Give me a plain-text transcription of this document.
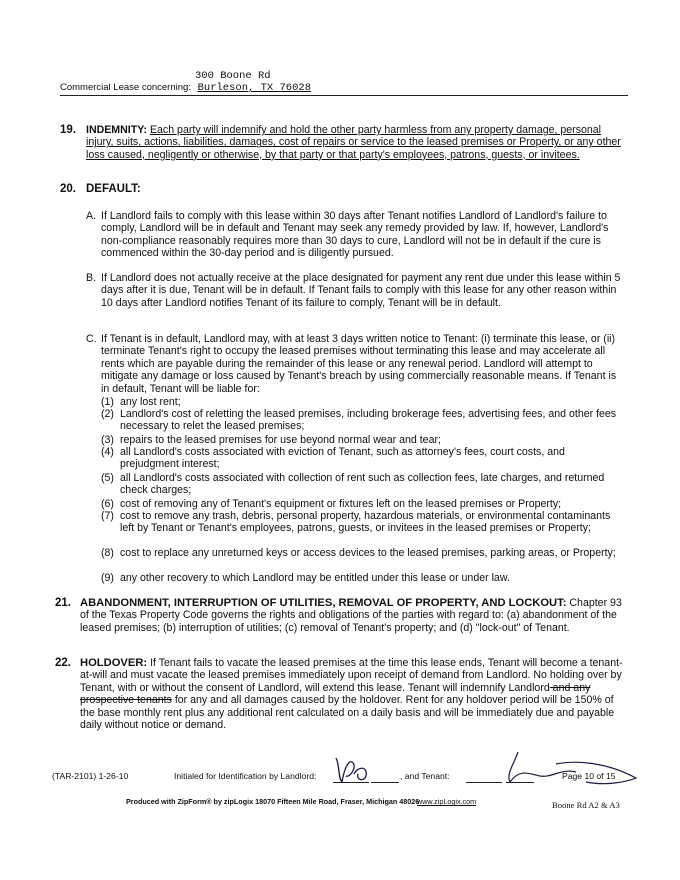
300 Boone Rd
Commercial Lease concerning: Burleson, TX 76028
19. INDEMNITY: Each party will indemnify and hold the other party harmless from any property damage, personal injury, suits, actions, liabilities, damages, cost of repairs or service to the leased premises or Property, or any other loss caused, negligently or otherwise, by that party or that party's employees, patrons, guests, or invitees.
20. DEFAULT:
A. If Landlord fails to comply with this lease within 30 days after Tenant notifies Landlord of Landlord's failure to comply, Landlord will be in default and Tenant may seek any remedy provided by law. If, however, Landlord's non-compliance reasonably requires more than 30 days to cure, Landlord will not be in default if the cure is commenced within the 30-day period and is diligently pursued.
B. If Landlord does not actually receive at the place designated for payment any rent due under this lease within 5 days after it is due, Tenant will be in default. If Tenant fails to comply with this lease for any other reason within 10 days after Landlord notifies Tenant of its failure to comply, Tenant will be in default.
C. If Tenant is in default, Landlord may, with at least 3 days written notice to Tenant: (i) terminate this lease, or (ii) terminate Tenant's right to occupy the leased premises without terminating this lease and may accelerate all rents which are payable during the remainder of this lease or any renewal period. Landlord will attempt to mitigate any damage or loss caused by Tenant's breach by using commercially reasonable means. If Tenant is in default, Tenant will be liable for:
(1) any lost rent;
(2) Landlord's cost of reletting the leased premises, including brokerage fees, advertising fees, and other fees necessary to relet the leased premises;
(3) repairs to the leased premises for use beyond normal wear and tear;
(4) all Landlord's costs associated with eviction of Tenant, such as attorney's fees, court costs, and prejudgment interest;
(5) all Landlord's costs associated with collection of rent such as collection fees, late charges, and returned check charges;
(6) cost of removing any of Tenant's equipment or fixtures left on the leased premises or Property;
(7) cost to remove any trash, debris, personal property, hazardous materials, or environmental contaminants left by Tenant or Tenant's employees, patrons, guests, or invitees in the leased premises or Property;
(8) cost to replace any unreturned keys or access devices to the leased premises, parking areas, or Property;
(9) any other recovery to which Landlord may be entitled under this lease or under law.
21. ABANDONMENT, INTERRUPTION OF UTILITIES, REMOVAL OF PROPERTY, AND LOCKOUT: Chapter 93 of the Texas Property Code governs the rights and obligations of the parties with regard to: (a) abandonment of the leased premises; (b) interruption of utilities; (c) removal of Tenant's property; and (d) "lock-out" of Tenant.
22. HOLDOVER: If Tenant fails to vacate the leased premises at the time this lease ends, Tenant will become a tenant-at-will and must vacate the leased premises immediately upon receipt of demand from Landlord. No holding over by Tenant, with or without the consent of Landlord, will extend this lease. Tenant will indemnify Landlord and any prospective tenants for any and all damages caused by the holdover. Rent for any holdover period will be 150% of the base monthly rent plus any additional rent calculated on a daily basis and will be immediately due and payable daily without notice or demand.
(TAR-2101) 1-26-10	Initialed for Identification by Landlord:	, and Tenant:	Page 10 of 15
Produced with ZipForm® by zipLogix 18070 Fifteen Mile Road, Fraser, Michigan 48026
www.zipLogix.com	Boone Rd A2 & A3
